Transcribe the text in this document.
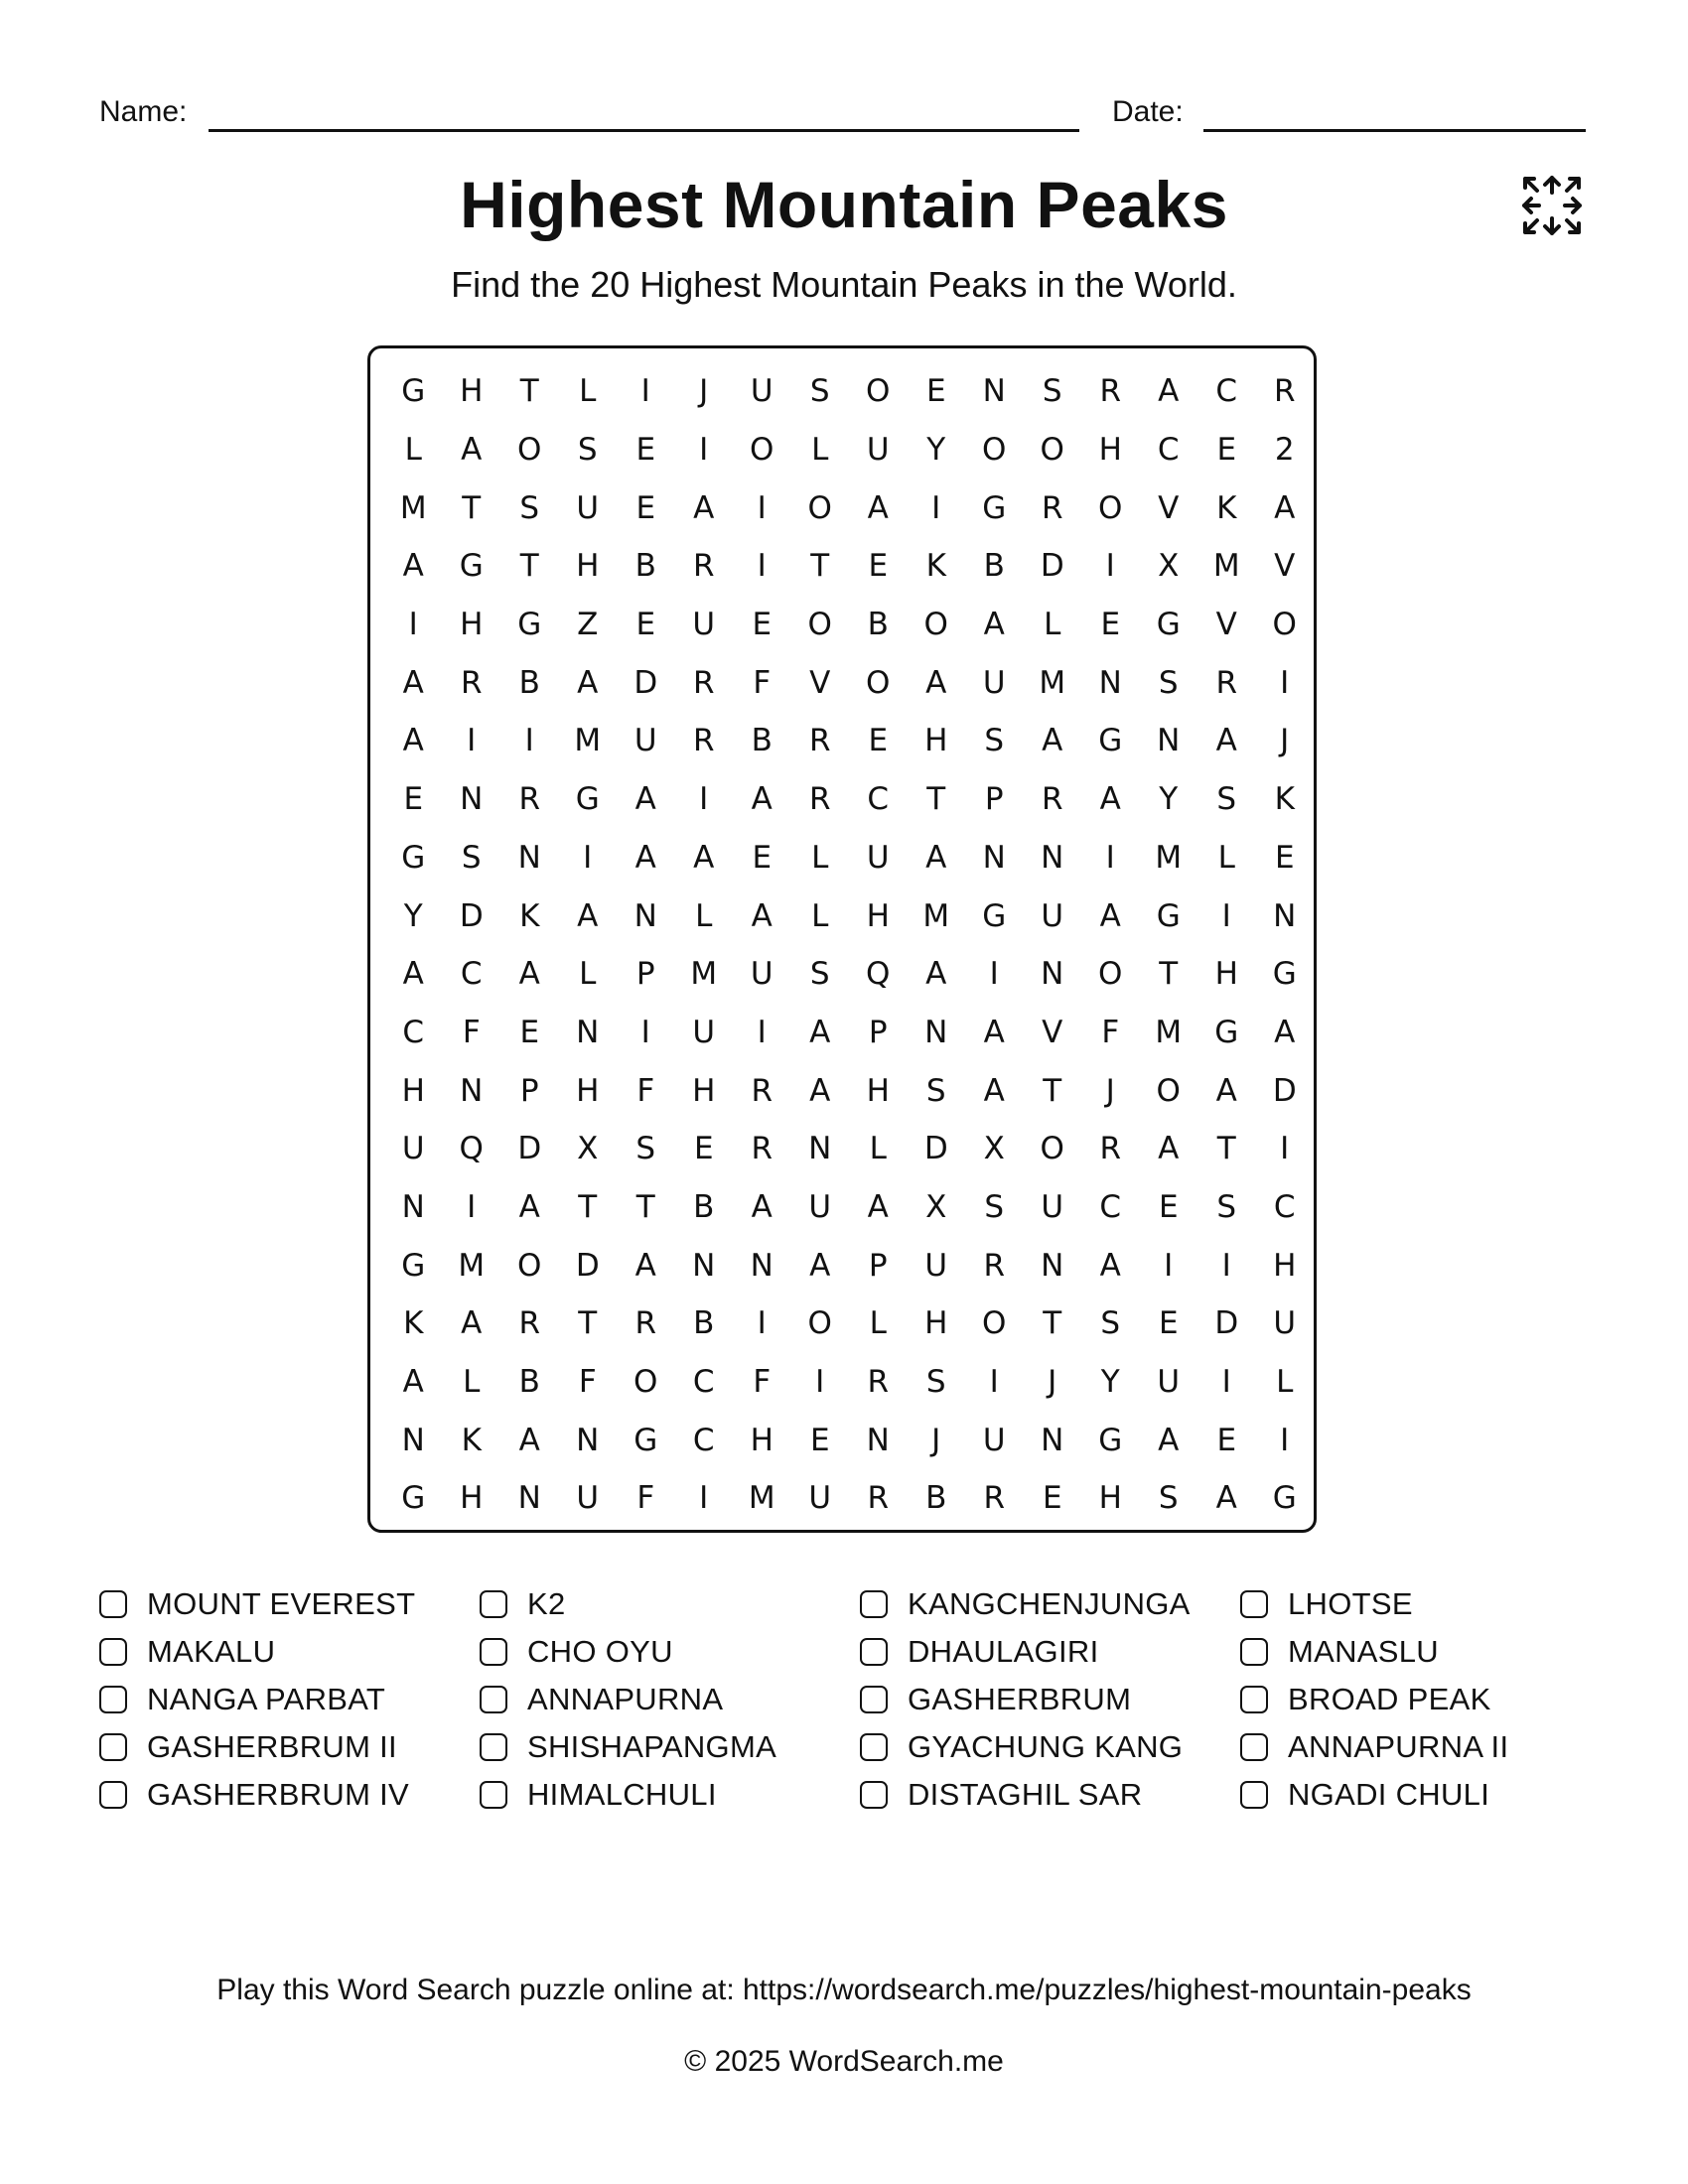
Name:	Date:
Highest Mountain Peaks
Find the 20 Highest Mountain Peaks in the World.
G	H	T	L	I	J	U	S	O	E	N	S	R	A	C	R
L	A	O	S	E	I	O	L	U	Y	O	O	H	C	E	2
M	T	S	U	E	A	I	O	A	I	G	R	O	V	K	A
A	G	T	H	B	R	I	T	E	K	B	D	I	X	M	V
I	H	G	Z	E	U	E	O	B	O	A	L	E	G	V	O
A	R	B	A	D	R	F	V	O	A	U	M	N	S	R	I
A	I	I	M	U	R	B	R	E	H	S	A	G	N	A	J
E	N	R	G	A	I	A	R	C	T	P	R	A	Y	S	K
G	S	N	I	A	A	E	L	U	A	N	N	I	M	L	E
Y	D	K	A	N	L	A	L	H	M	G	U	A	G	I	N
A	C	A	L	P	M	U	S	Q	A	I	N	O	T	H	G
C	F	E	N	I	U	I	A	P	N	A	V	F	M	G	A
H	N	P	H	F	H	R	A	H	S	A	T	J	O	A	D
U	Q	D	X	S	E	R	N	L	D	X	O	R	A	T	I
N	I	A	T	T	B	A	U	A	X	S	U	C	E	S	C
G	M	O	D	A	N	N	A	P	U	R	N	A	I	I	H
K	A	R	T	R	B	I	O	L	H	O	T	S	E	D	U
A	L	B	F	O	C	F	I	R	S	I	J	Y	U	I	L
N	K	A	N	G	C	H	E	N	J	U	N	G	A	E	I
G	H	N	U	F	I	M	U	R	B	R	E	H	S	A	G
MOUNT EVEREST
MAKALU
NANGA PARBAT
GASHERBRUM II
GASHERBRUM IV
K2
CHO OYU
ANNAPURNA
SHISHAPANGMA
HIMALCHULI
KANGCHENJUNGA
DHAULAGIRI
GASHERBRUM
GYACHUNG KANG
DISTAGHIL SAR
LHOTSE
MANASLU
BROAD PEAK
ANNAPURNA II
NGADI CHULI
Play this Word Search puzzle online at: https://wordsearch.me/puzzles/highest-mountain-peaks
© 2025 WordSearch.me
